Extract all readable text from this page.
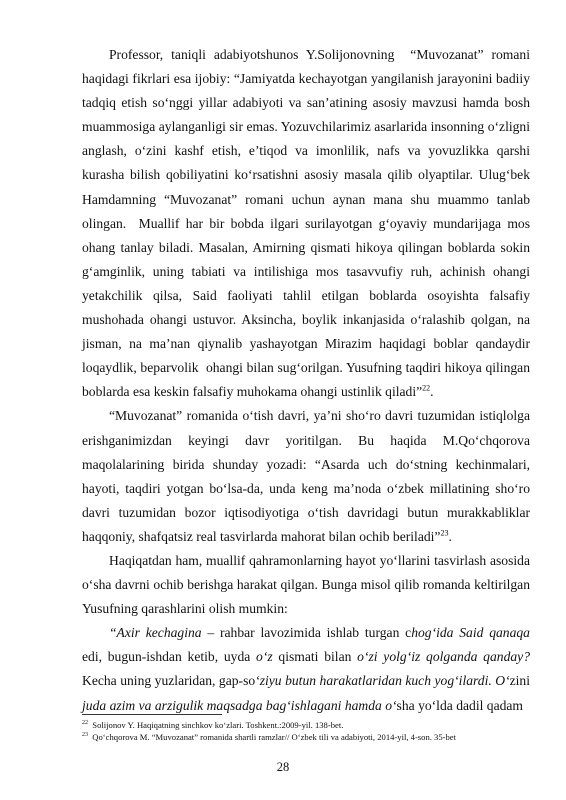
Professor, taniqli adabiyotshunos Y.Solijonovning  “Muvozanat” romani haqidagi fikrlari esa ijobiy: “Jamiyatda kechayotgan yangilanish jarayonini badiiy tadqiq etish so‘nggi yillar adabiyoti va san’atining asosiy mavzusi hamda bosh muammosiga aylanganligi sir emas. Yozuvchilarimiz asarlarida insonning o‘zligni anglash, o‘zini kashf etish, e’tiqod va imonlilik, nafs va yovuzlikka qarshi kurasha bilish qobiliyatini ko‘rsatishni asosiy masala qilib olyaptilar. Ulug‘bek Hamdamning “Muvozanat” romani uchun aynan mana shu muammo tanlab olingan.  Muallif har bir bobda ilgari surilayotgan g‘oyaviy mundarijaga mos ohang tanlay biladi. Masalan, Amirning qismati hikoya qilingan boblarda sokin g‘amginlik, uning tabiati va intilishiga mos tasavvufiy ruh, achinish ohangi yetakchilik qilsa, Said faoliyati tahlil etilgan boblarda osoyishta falsafiy mushohada ohangi ustuvor. Aksincha, boylik inkanjasida o‘ralashib qolgan, na jisman, na ma’nan qiynalib yashayotgan Mirazim haqidagi boblar qandaydir loqaydlik, beparvolik  ohangi bilan sug‘orilgan. Yusufning taqdiri hikoya qilingan boblarda esa keskin falsafiy muhokama ohangi ustinlik qiladi”$^{22}$.

“Muvozanat” romanida o‘tish davri, ya’ni sho‘ro davri tuzumidan istiqlolga erishganimizdan keyingi davr yoritilgan. Bu haqida M.Qo‘chqorova maqolalarining birida shunday yozadi: “Asarda uch do‘stning kechinmalari, hayoti, taqdiri yotgan bo‘lsa-da, unda keng ma’noda o‘zbek millatining sho‘ro davri tuzumidan bozor iqtisodiyotiga o‘tish davridagi butun murakkabliklar haqqoniy, shafqatsiz real tasvirlarda mahorat bilan ochib beriladi”$^{23}$.

Haqiqatdan ham, muallif qahramonlarning hayot yo‘llarini tasvirlash asosida o‘sha davrni ochib berishga harakat qilgan. Bunga misol qilib romanda keltirilgan Yusufning qarashlarini olish mumkin:

“Axir kechagina – rahbar lavozimida ishlab turgan chog‘ida Said qanaqa edi, bugun-ishdan ketib, uyda o‘z qismati bilan o‘zi yolg‘iz qolganda qanday? Kecha uning yuzlaridan, gap-so‘ziyu butun harakatlaridan kuch yog‘ilardi. O‘zini juda azim va arzigulik maqsadga bag‘ishlagani hamda o‘sha yo‘lda dadil qadam

$^{22}$ Solijonov Y. Haqiqatning sinchkov ko‘zlari. Toshkent.:2009-yil. 138-bet.
$^{23}$ Qo‘chqorova M. “Muvozanat” romanida shartli ramzlar// O‘zbek tili va adabiyoti, 2014-yil, 4-son. 35-bet
28
